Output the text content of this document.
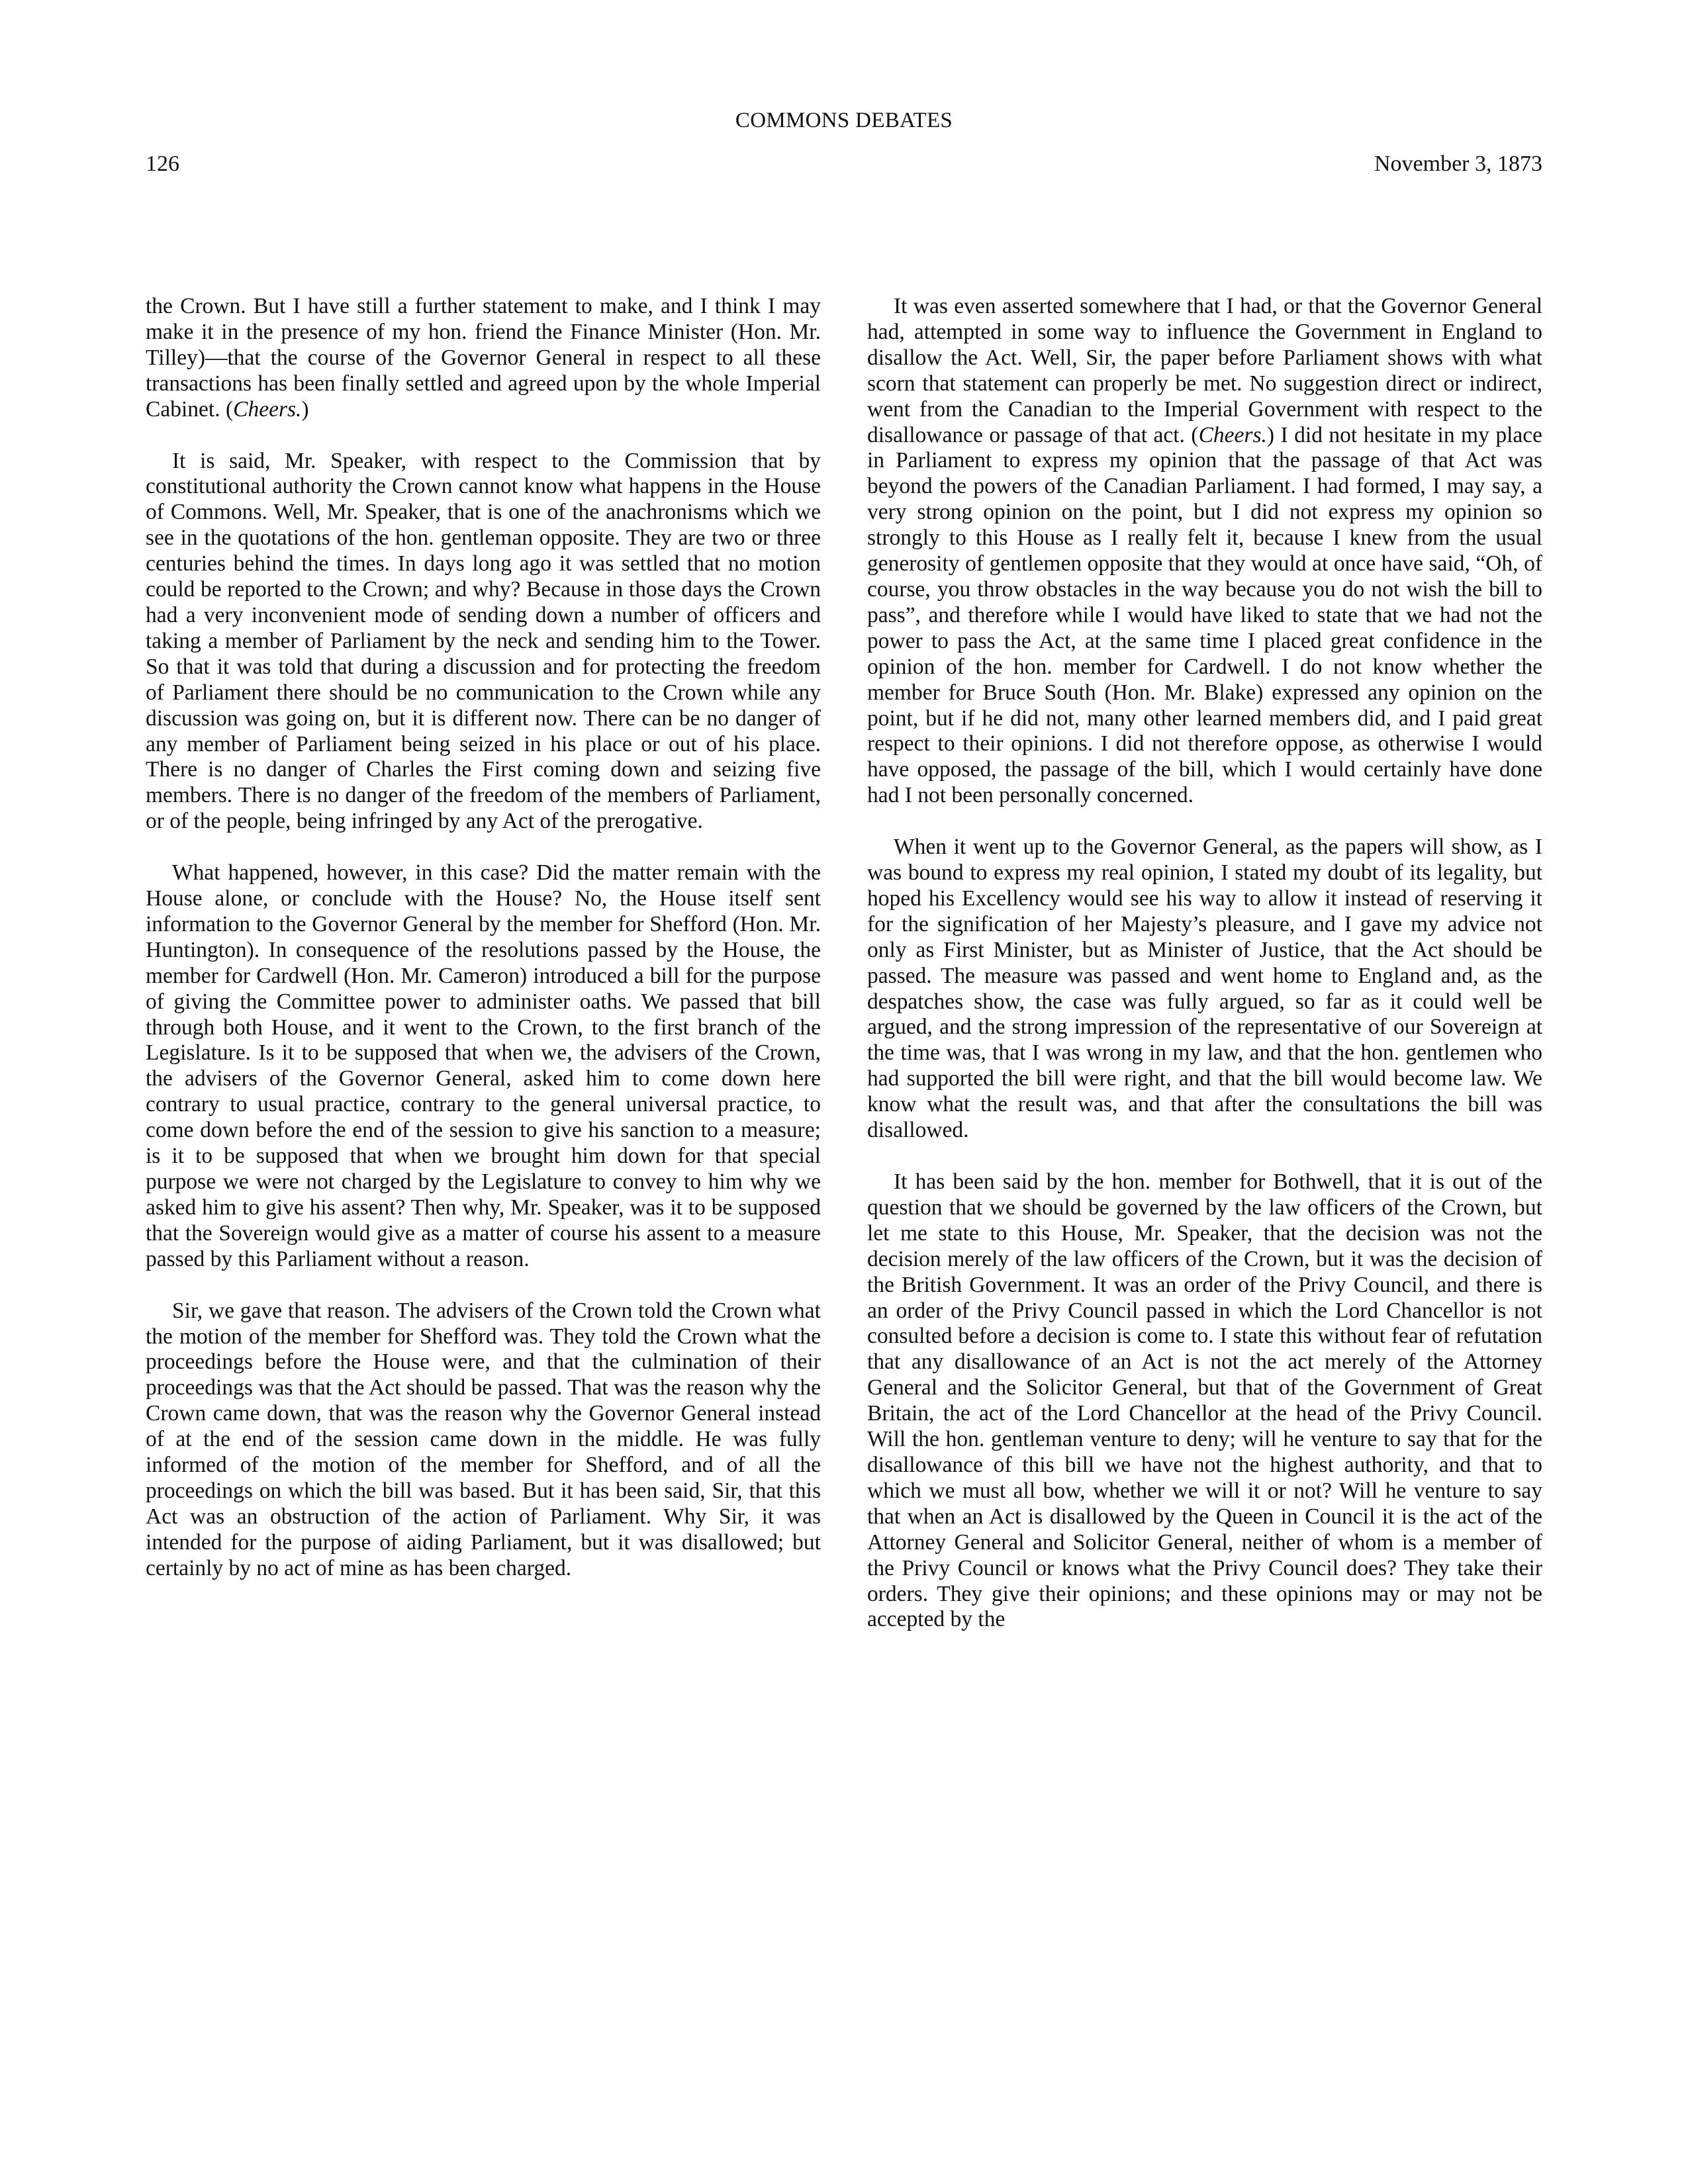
COMMONS DEBATES
126	November 3, 1873

the Crown. But I have still a further statement to make, and I think I may make it in the presence of my hon. friend the Finance Minister (Hon. Mr. Tilley)—that the course of the Governor General in respect to all these transactions has been finally settled and agreed upon by the whole Imperial Cabinet. (Cheers.)

It is said, Mr. Speaker, with respect to the Commission that by constitutional authority the Crown cannot know what happens in the House of Commons. Well, Mr. Speaker, that is one of the anachronisms which we see in the quotations of the hon. gentleman opposite. They are two or three centuries behind the times. In days long ago it was settled that no motion could be reported to the Crown; and why? Because in those days the Crown had a very inconvenient mode of sending down a number of officers and taking a member of Parliament by the neck and sending him to the Tower. So that it was told that during a discussion and for protecting the freedom of Parliament there should be no communication to the Crown while any discussion was going on, but it is different now. There can be no danger of any member of Parliament being seized in his place or out of his place. There is no danger of Charles the First coming down and seizing five members. There is no danger of the freedom of the members of Parliament, or of the people, being infringed by any Act of the prerogative.

What happened, however, in this case? Did the matter remain with the House alone, or conclude with the House? No, the House itself sent information to the Governor General by the member for Shefford (Hon. Mr. Huntington). In consequence of the resolutions passed by the House, the member for Cardwell (Hon. Mr. Cameron) introduced a bill for the purpose of giving the Committee power to administer oaths. We passed that bill through both House, and it went to the Crown, to the first branch of the Legislature. Is it to be supposed that when we, the advisers of the Crown, the advisers of the Governor General, asked him to come down here contrary to usual practice, contrary to the general universal practice, to come down before the end of the session to give his sanction to a measure; is it to be supposed that when we brought him down for that special purpose we were not charged by the Legislature to convey to him why we asked him to give his assent? Then why, Mr. Speaker, was it to be supposed that the Sovereign would give as a matter of course his assent to a measure passed by this Parliament without a reason.

Sir, we gave that reason. The advisers of the Crown told the Crown what the motion of the member for Shefford was. They told the Crown what the proceedings before the House were, and that the culmination of their proceedings was that the Act should be passed. That was the reason why the Crown came down, that was the reason why the Governor General instead of at the end of the session came down in the middle. He was fully informed of the motion of the member for Shefford, and of all the proceedings on which the bill was based. But it has been said, Sir, that this Act was an obstruction of the action of Parliament. Why Sir, it was intended for the purpose of aiding Parliament, but it was disallowed; but certainly by no act of mine as has been charged.

It was even asserted somewhere that I had, or that the Governor General had, attempted in some way to influence the Government in England to disallow the Act. Well, Sir, the paper before Parliament shows with what scorn that statement can properly be met. No suggestion direct or indirect, went from the Canadian to the Imperial Government with respect to the disallowance or passage of that act. (Cheers.) I did not hesitate in my place in Parliament to express my opinion that the passage of that Act was beyond the powers of the Canadian Parliament. I had formed, I may say, a very strong opinion on the point, but I did not express my opinion so strongly to this House as I really felt it, because I knew from the usual generosity of gentlemen opposite that they would at once have said, “Oh, of course, you throw obstacles in the way because you do not wish the bill to pass”, and therefore while I would have liked to state that we had not the power to pass the Act, at the same time I placed great confidence in the opinion of the hon. member for Cardwell. I do not know whether the member for Bruce South (Hon. Mr. Blake) expressed any opinion on the point, but if he did not, many other learned members did, and I paid great respect to their opinions. I did not therefore oppose, as otherwise I would have opposed, the passage of the bill, which I would certainly have done had I not been personally concerned.

When it went up to the Governor General, as the papers will show, as I was bound to express my real opinion, I stated my doubt of its legality, but hoped his Excellency would see his way to allow it instead of reserving it for the signification of her Majesty’s pleasure, and I gave my advice not only as First Minister, but as Minister of Justice, that the Act should be passed. The measure was passed and went home to England and, as the despatches show, the case was fully argued, so far as it could well be argued, and the strong impression of the representative of our Sovereign at the time was, that I was wrong in my law, and that the hon. gentlemen who had supported the bill were right, and that the bill would become law. We know what the result was, and that after the consultations the bill was disallowed.

It has been said by the hon. member for Bothwell, that it is out of the question that we should be governed by the law officers of the Crown, but let me state to this House, Mr. Speaker, that the decision was not the decision merely of the law officers of the Crown, but it was the decision of the British Government. It was an order of the Privy Council, and there is an order of the Privy Council passed in which the Lord Chancellor is not consulted before a decision is come to. I state this without fear of refutation that any disallowance of an Act is not the act merely of the Attorney General and the Solicitor General, but that of the Government of Great Britain, the act of the Lord Chancellor at the head of the Privy Council. Will the hon. gentleman venture to deny; will he venture to say that for the disallowance of this bill we have not the highest authority, and that to which we must all bow, whether we will it or not? Will he venture to say that when an Act is disallowed by the Queen in Council it is the act of the Attorney General and Solicitor General, neither of whom is a member of the Privy Council or knows what the Privy Council does? They take their orders. They give their opinions; and these opinions may or may not be accepted by the
